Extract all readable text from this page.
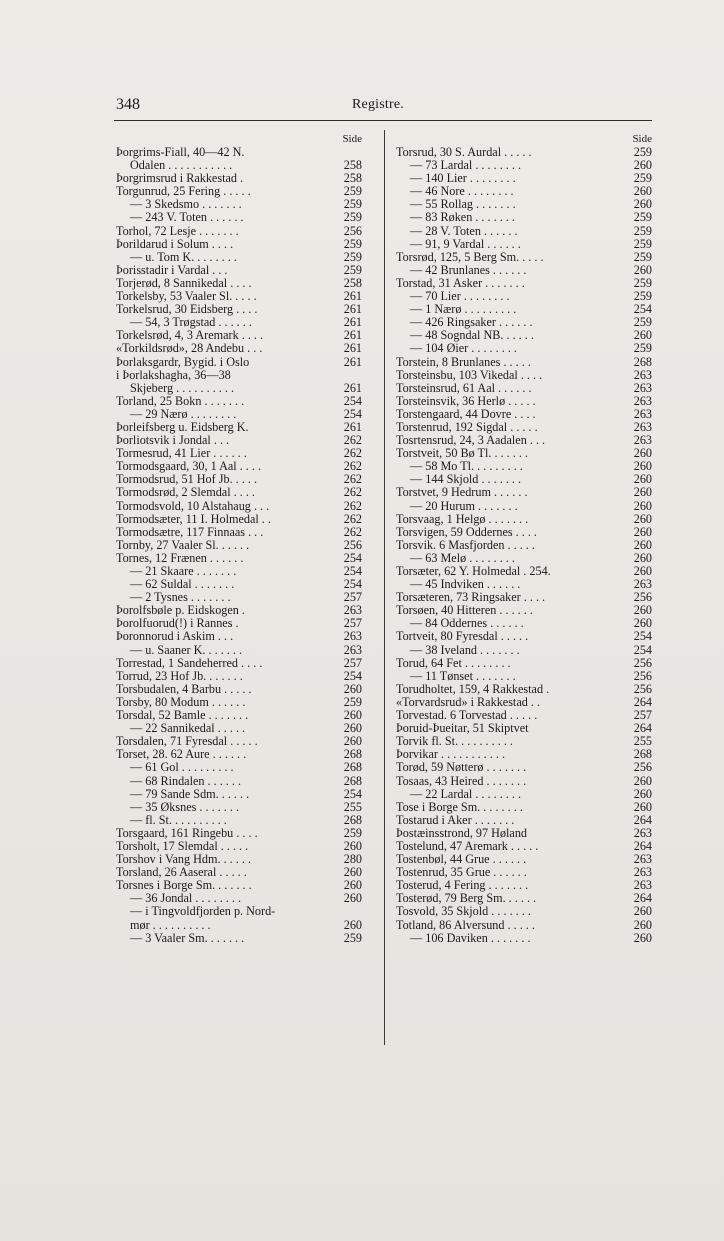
348	Registre.
Side
Þorgrims-Fiall, 40—42 N.
Odalen . . . . . . . . . . .	258
Þorgrimsrud i Rakkestad .	258
Torgunrud, 25 Fering . . . . .	259
— 3 Skedsmo . . . . . . .	259
— 243 V. Toten . . . . . .	259
Torhol, 72 Lesje . . . . . . .	256
Þorildarud i Solum . . . .	259
— u. Tom K. . . . . . . .	259
Þorisstadir i Vardal . . .	259
Torjerød, 8 Sannikedal . . . .	258
Torkelsby, 53 Vaaler Sl. . . . .	261
Torkelsrud, 30 Eidsberg . . . .	261
— 54, 3 Trøgstad . . . . . .	261
Torkelsrød, 4, 3 Aremark . . . .	261
«Torkildsrød», 28 Andebu . . .	261
Þorlaksgardr, Bygid. i Oslo	261
i Þorlakshagha, 36—38
Skjeberg . . . . . . . . . .	261
Torland, 25 Bokn . . . . . . .	254
— 29 Nærø . . . . . . . .	254
Þorleifsberg u. Eidsberg K.	261
Þorliotsvik i Jondal . . .	262
Tormesrud, 41 Lier . . . . . .	262
Tormodsgaard, 30, 1 Aal . . . .	262
Tormodsrud, 51 Hof Jb. . . . .	262
Tormodsrød, 2 Slemdal . . . .	262
Tormodsvold, 10 Alstahaug . . .	262
Tormodsæter, 11 I. Holmedal . .	262
Tormodsætre, 117 Finnaas . . .	262
Tornby, 27 Vaaler Sl. . . . . .	256
Tornes, 12 Frænen . . . . . .	254
— 21 Skaare . . . . . . .	254
— 62 Suldal . . . . . . .	254
— 2 Tysnes . . . . . . .	257
Þorolfsbøle p. Eidskogen .	263
Þorolfuorud(!) i Rannes .	257
Þoronnorud i Askim . . .	263
— u. Saaner K. . . . . . .	263
Torrestad, 1 Sandeherred . . . .	257
Torrud, 23 Hof Jb. . . . . . .	254
Torsbudalen, 4 Barbu . . . . .	260
Torsby, 80 Modum . . . . . .	259
Torsdal, 52 Bamle . . . . . . .	260
— 22 Sannikedal . . . . .	260
Torsdalen, 71 Fyresdal . . . . .	260
Torset, 28. 62 Aure . . . . . .	268
— 61 Gol . . . . . . . . .	268
— 68 Rindalen . . . . . .	268
— 79 Sande Sdm. . . . . .	254
— 35 Øksnes . . . . . . .	255
— fl. St. . . . . . . . . .	268
Torsgaard, 161 Ringebu . . . .	259
Torsholt, 17 Slemdal . . . . .	260
Torshov i Vang Hdm. . . . . .	280
Torsland, 26 Aaseral . . . . .	260
Torsnes i Borge Sm. . . . . . .	260
— 36 Jondal . . . . . . . .	260
— i Tingvoldfjorden p. Nord-
mør . . . . . . . . . .	260
— 3 Vaaler Sm. . . . . . .	259
Side
Torsrud, 30 S. Aurdal . . . . .	259
— 73 Lardal . . . . . . . .	260
— 140 Lier . . . . . . . .	259
— 46 Nore . . . . . . . .	260
— 55 Rollag . . . . . . .	260
— 83 Røken . . . . . . .	259
— 28 V. Toten . . . . . .	259
— 91, 9 Vardal . . . . . .	259
Torsrød, 125, 5 Berg Sm. . . . .	259
— 42 Brunlanes . . . . . .	260
Torstad, 31 Asker . . . . . . .	259
— 70 Lier . . . . . . . .	259
— 1 Nærø . . . . . . . . .	254
— 426 Ringsaker . . . . . .	259
— 48 Sogndal NB. . . . . .	260
— 104 Øier . . . . . . . .	259
Torstein, 8 Brunlanes . . . . .	268
Torsteinsbu, 103 Vikedal . . . .	263
Torsteinsrud, 61 Aal . . . . . .	263
Torsteinsvik, 36 Herlø . . . . .	263
Torstengaard, 44 Dovre . . . .	263
Torstenrud, 192 Sigdal . . . . .	263
Tosrtensrud, 24, 3 Aadalen . . .	263
Torstveit, 50 Bø Tl. . . . . . .	260
— 58 Mo Tl. . . . . . . . .	260
— 144 Skjold . . . . . . .	260
Torstvet, 9 Hedrum . . . . . .	260
— 20 Hurum . . . . . . .	260
Torsvaag, 1 Helgø . . . . . . .	260
Torsvigen, 59 Oddernes . . . .	260
Torsvik. 6 Masfjorden . . . . .	260
— 63 Melø . . . . . . . .	260
Torsæter, 62 Y. Holmedal . 254.	260
— 45 Indviken . . . . . .	263
Torsæteren, 73 Ringsaker . . . .	256
Torsøen, 40 Hitteren . . . . . .	260
— 84 Oddernes . . . . . .	260
Tortveit, 80 Fyresdal . . . . .	254
— 38 Iveland . . . . . . .	254
Torud, 64 Fet . . . . . . . .	256
— 11 Tønset . . . . . . .	256
Torudholtet, 159, 4 Rakkestad .	256
«Torvardsrud» i Rakkestad . .	264
Torvestad. 6 Torvestad . . . . .	257
Þoruid-Þueitar, 51 Skiptvet	264
Torvik fl. St. . . . . . . . . .	255
Þorvikar . . . . . . . . . . .	268
Torød, 59 Nøtterø . . . . . . .	256
Tosaas, 43 Heired . . . . . . .	260
— 22 Lardal . . . . . . . .	260
Tose i Borge Sm. . . . . . . .	260
Tostarud i Aker . . . . . . .	264
Þostæinsstrond, 97 Høland	263
Tostelund, 47 Aremark . . . . .	264
Tostenbøl, 44 Grue . . . . . .	263
Tostenrud, 35 Grue . . . . . .	263
Tosterud, 4 Fering . . . . . . .	263
Tosterød, 79 Berg Sm. . . . . .	264
Tosvold, 35 Skjold . . . . . . .	260
Totland, 86 Alversund . . . . .	260
— 106 Daviken . . . . . . .	260
